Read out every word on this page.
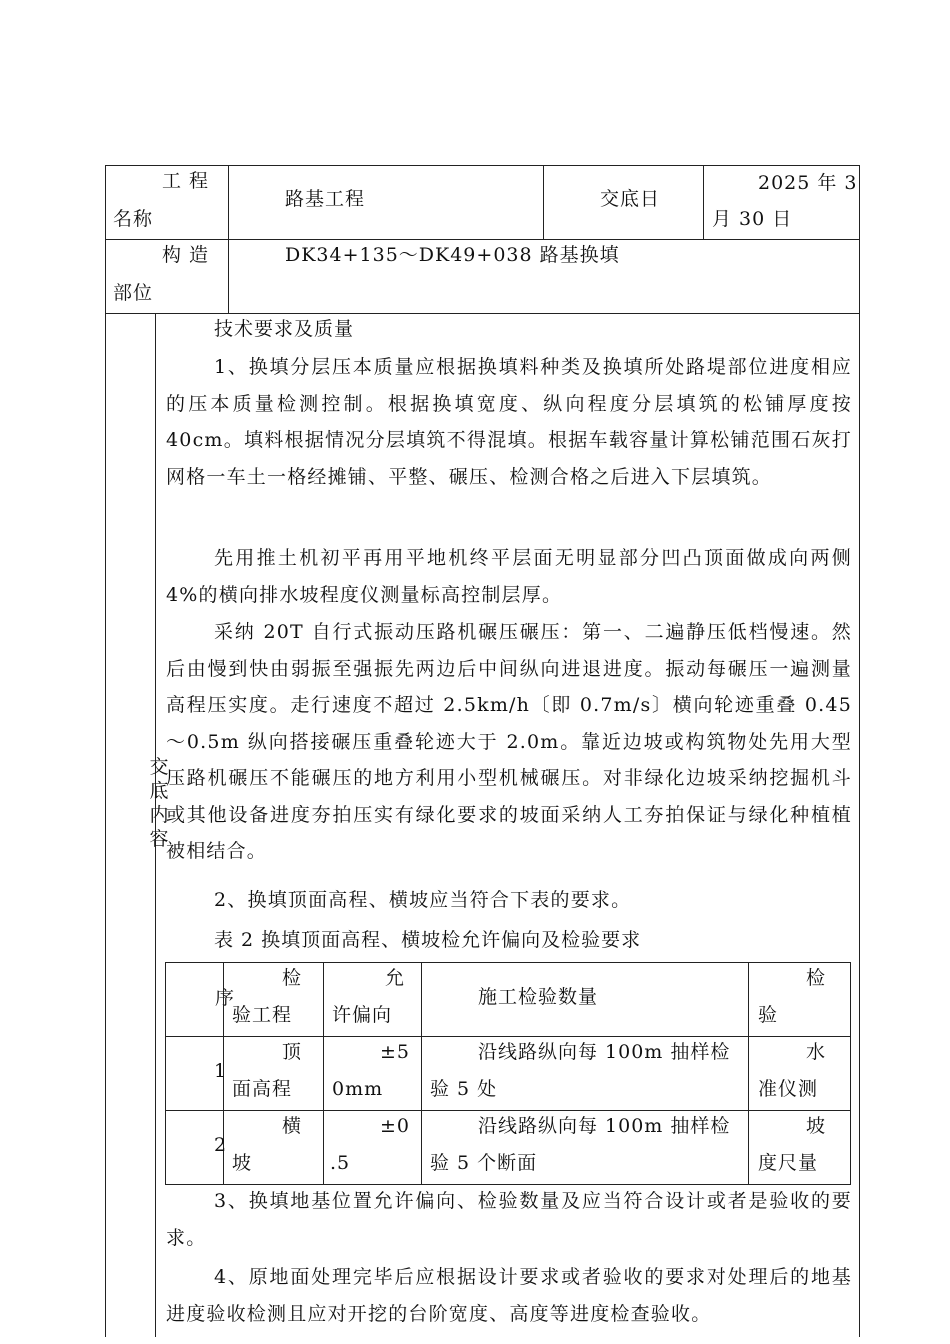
工 程
名称
路基工程	交底日
2025 年 3
月 30 日
构 造
部位
DK34+135～DK49+038 路基换填
交
底
内
容
技术要求及质量
1、换填分层压本质量应根据换填料种类及换填所处路堤部位进度相应的压本质量检测控制。根据换填宽度、纵向程度分层填筑的松铺厚度按 40cm。填料根据情况分层填筑不得混填。根据车载容量计算松铺范围石灰打网格一车土一格经摊铺、平整、碾压、检测合格之后进入下层填筑。
先用推土机初平再用平地机终平层面无明显部分凹凸顶面做成向两侧 4%的横向排水坡程度仪测量标高控制层厚。
采纳 20T 自行式振动压路机碾压碾压：第一、二遍静压低档慢速。然后由慢到快由弱振至强振先两边后中间纵向进退进度。振动每碾压一遍测量高程压实度。走行速度不超过 2.5km/h〔即 0.7m/s〕横向轮迹重叠 0.45～0.5m 纵向搭接碾压重叠轮迹大于 2.0m。靠近边坡或构筑物处先用大型压路机碾压不能碾压的地方利用小型机械碾压。对非绿化边坡采纳挖掘机斗或其他设备进度夯拍压实有绿化要求的坡面采纳人工夯拍保证与绿化种植植被相结合。
2、换填顶面高程、横坡应当符合下表的要求。
表 2 换填顶面高程、横坡检允许偏向及检验要求
序
检
验工程
允
许偏向
施工检验数量
检
验
1
顶
面高程
±5
0mm
沿线路纵向每 100m 抽样检
验 5 处
水
准仪测
2
横
坡
±0
.5
沿线路纵向每 100m 抽样检
验 5 个断面
坡
度尺量
3、换填地基位置允许偏向、检验数量及应当符合设计或者是验收的要求。
4、原地面处理完毕后应根据设计要求或者验收的要求对处理后的地基进度验收检测且应对开挖的台阶宽度、高度等进度检查验收。
